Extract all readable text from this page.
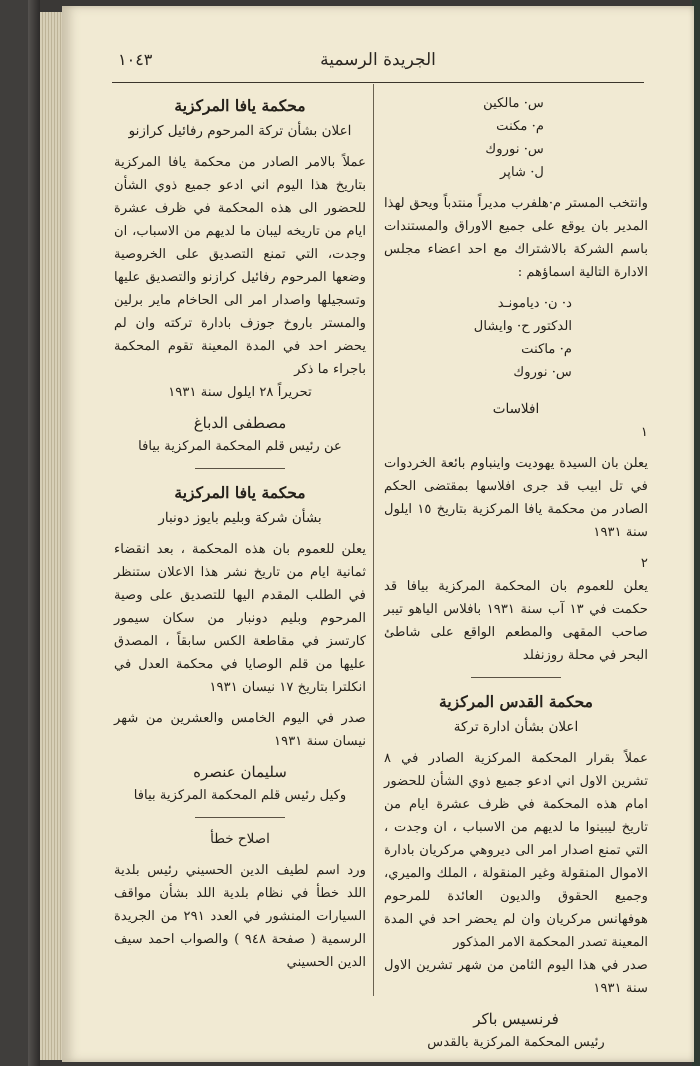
١٠٤٣	الجريدة الرسمية

س· مالكين

م· مكنت

س· نوروك

ل· شاپر

وانتخب المستر م·هلفرب مديراً منتدباً ويحق لهذا المدير بان يوقع على جميع الاوراق والمستندات باسم الشركة بالاشتراك مع احد اعضاء مجلس الادارة التالية اسماؤهم :

د· ن· ديامونـد

الدكتور ح· وايشال

م· ماكنت

س· نوروك

افلاسات

١

يعلن بان السيدة يهوديت واينباوم بائعة الخردوات في تل ابيب قد جرى افلاسها بمقتضى الحكم الصادر من محكمة يافا المركزية بتاريخ ١٥ ايلول سنة ١٩٣١

٢

يعلن للعموم بان المحكمة المركزية بيافا قد حكمت في ١٣ آب سنة ١٩٣١ بافلاس الياهو تيبر صاحب المقهى والمطعم الواقع على شاطئ البحر في محلة روزنفلد

محكمة القدس المركزية

اعلان بشأن ادارة تركة

عملاً بقرار المحكمة المركزية الصادر في ٨ تشرين الاول اني ادعو جميع ذوي الشأن للحضور امام هذه المحكمة في ظرف عشرة ايام من تاريخ ليبينوا ما لديهم من الاسباب ، ان وجدت ، التي تمنع اصدار امر الى ديروهي مركريان بادارة الاموال المنقولة وغير المنقولة ، الملك والميري، وجميع الحقوق والديون العائدة للمرحوم هوفهانس مركريان وان لم يحضر احد في المدة المعينة تصدر المحكمة الامر المذكور

صدر في هذا اليوم الثامن من شهر تشرين الاول سنة ١٩٣١

فرنسيس باكر

رئيس المحكمة المركزية بالقدس

محكمة يافا المركزية

اعلان بشأن تركة المرحوم رفائيل كرازنو

عملاً بالامر الصادر من محكمة يافا المركزية بتاريخ هذا اليوم اني ادعو جميع ذوي الشأن للحضور الى هذه المحكمة في ظرف عشرة ايام من تاريخه ليبان ما لديهم من الاسباب، ان وجدت، التي تمنع التصديق على الخروصية وضعها المرحوم رفائيل كرازنو والتصديق عليها وتسجيلها واصدار امر الى الحاخام ماير برلين والمستر باروخ جوزف بادارة تركته وان لم يحضر احد في المدة المعينة تقوم المحكمة باجراء ما ذكر

تحريراً ٢٨ ايلول سنة ١٩٣١

مصطفى الدباغ

عن رئيس قلم المحكمة المركزية بيافا

محكمة يافا المركزية

بشأن شركة وبليم بايوز دونبار

يعلن للعموم بان هذه المحكمة ، بعد انقضاء ثمانية ايام من تاريخ نشر هذا الاعلان ستنظر في الطلب المقدم اليها للتصديق على وصية المرحوم وبليم دونبار من سكان سيمور كارتسز في مقاطعة الكس سابقاً ، المصدق عليها من قلم الوصايا في محكمة العدل في انكلترا بتاريخ ١٧ نيسان ١٩٣١

صدر في اليوم الخامس والعشرين من شهر نيسان سنة ١٩٣١

سليمان عنصره

وكيل رئيس قلم المحكمة المركزية بيافا

اصلاح خطأ

ورد اسم لطيف الدين الحسيني رئيس بلدية اللد خطأ في نظام بلدية اللد بشأن مواقف السيارات المنشور في العدد ٢٩١ من الجريدة الرسمية ( صفحة ٩٤٨ ) والصواب احمد سيف الدين الحسيني
